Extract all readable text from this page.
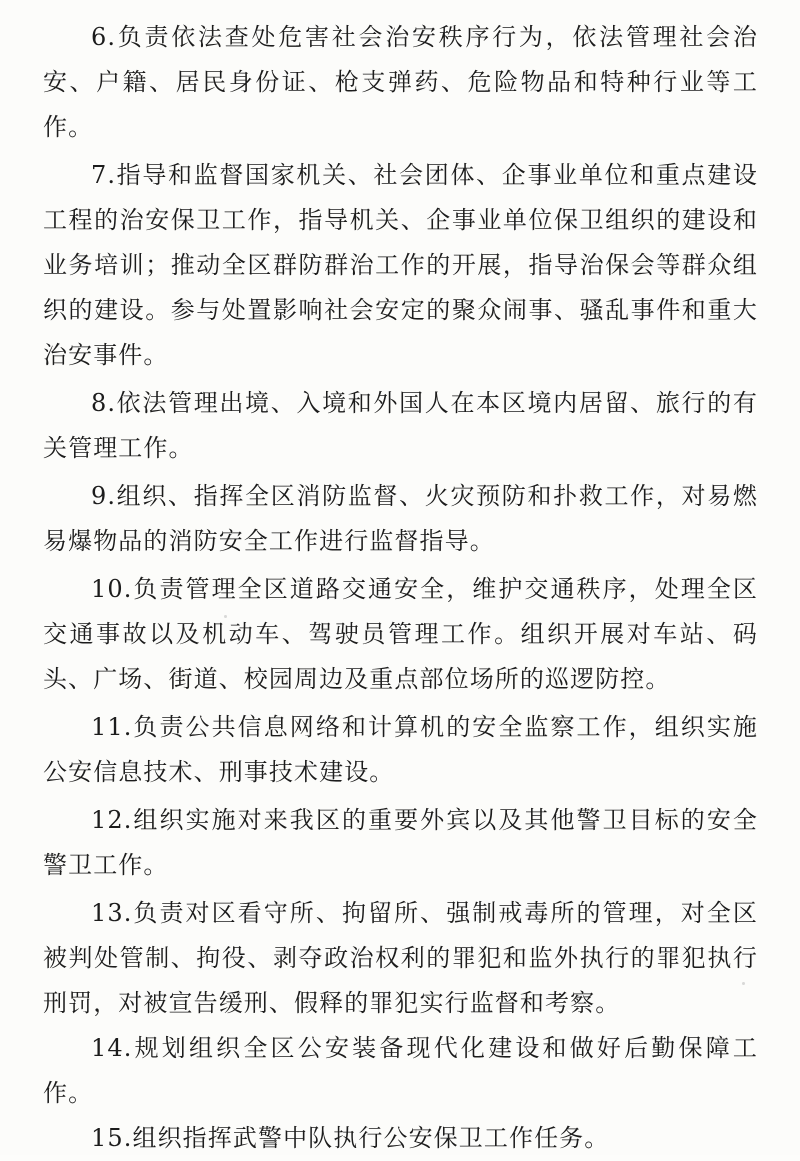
6.负责依法查处危害社会治安秩序行为，依法管理社会治安、户籍、居民身份证、枪支弹药、危险物品和特种行业等工作。

7.指导和监督国家机关、社会团体、企事业单位和重点建设工程的治安保卫工作，指导机关、企事业单位保卫组织的建设和业务培训；推动全区群防群治工作的开展，指导治保会等群众组织的建设。参与处置影响社会安定的聚众闹事、骚乱事件和重大治安事件。

8.依法管理出境、入境和外国人在本区境内居留、旅行的有关管理工作。

9.组织、指挥全区消防监督、火灾预防和扑救工作，对易燃易爆物品的消防安全工作进行监督指导。

10.负责管理全区道路交通安全，维护交通秩序，处理全区交通事故以及机动车、驾驶员管理工作。组织开展对车站、码头、广场、街道、校园周边及重点部位场所的巡逻防控。

11.负责公共信息网络和计算机的安全监察工作，组织实施公安信息技术、刑事技术建设。

12.组织实施对来我区的重要外宾以及其他警卫目标的安全警卫工作。

13.负责对区看守所、拘留所、强制戒毒所的管理，对全区被判处管制、拘役、剥夺政治权利的罪犯和监外执行的罪犯执行刑罚，对被宣告缓刑、假释的罪犯实行监督和考察。

14.规划组织全区公安装备现代化建设和做好后勤保障工作。

15.组织指挥武警中队执行公安保卫工作任务。
